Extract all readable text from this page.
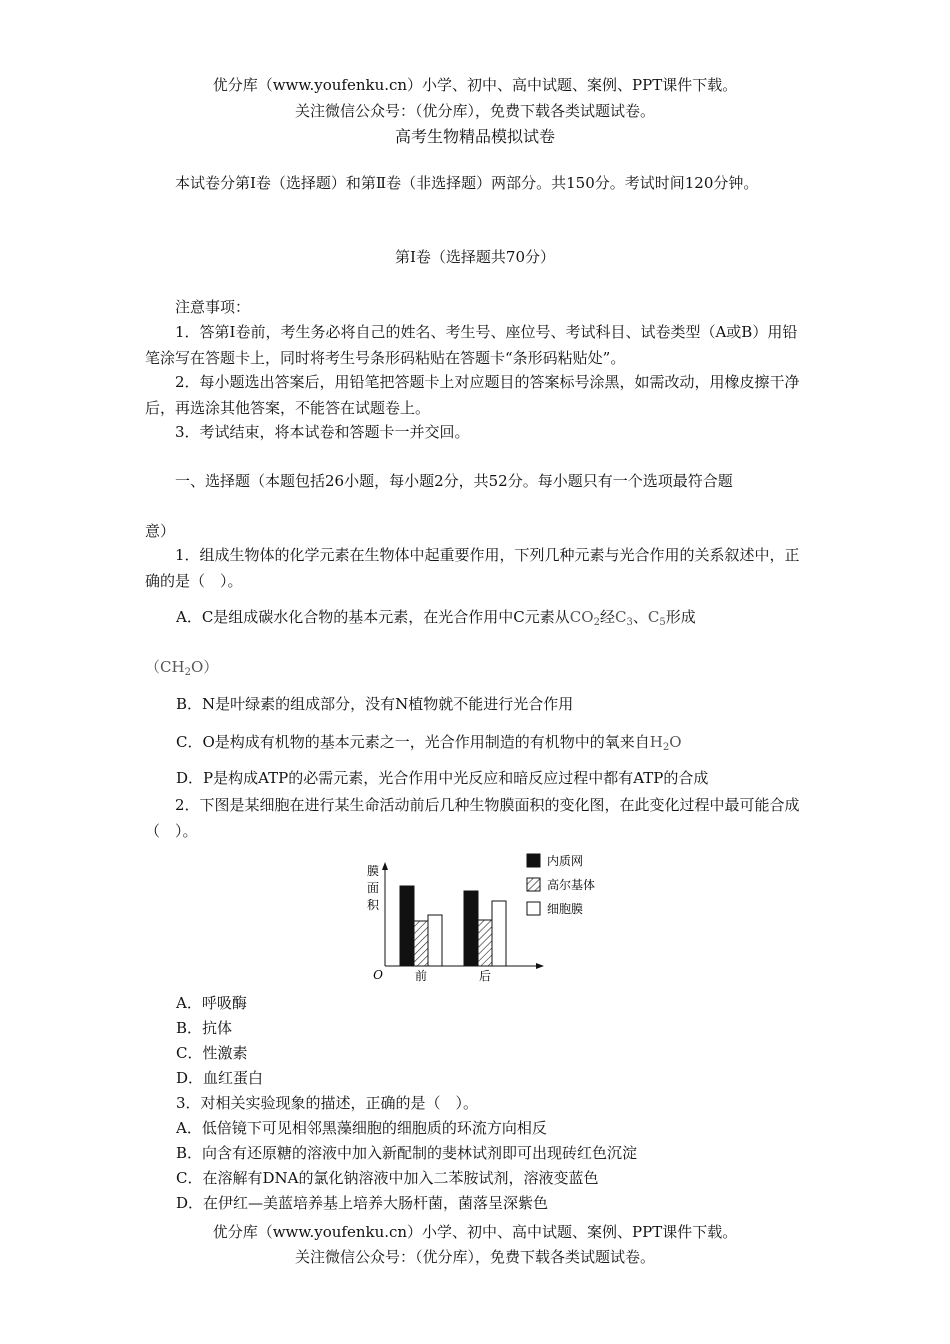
优分库（www.youfenku.cn）小学、初中、高中试题、案例、PPT课件下载。
关注微信公众号：（优分库），免费下载各类试题试卷。
高考生物精品模拟试卷
本试卷分第Ⅰ卷（选择题）和第Ⅱ卷（非选择题）两部分。共150分。考试时间120分钟。
第Ⅰ卷（选择题共70分）
注意事项：
1．答第Ⅰ卷前，考生务必将自己的姓名、考生号、座位号、考试科目、试卷类型（A或B）用铅笔涂写在答题卡上，同时将考生号条形码粘贴在答题卡“条形码粘贴处”。
2．每小题选出答案后，用铅笔把答题卡上对应题目的答案标号涂黑，如需改动，用橡皮擦干净后，再选涂其他答案，不能答在试题卷上。
3．考试结束，将本试卷和答题卡一并交回。
一、选择题（本题包括26小题，每小题2分，共52分。每小题只有一个选项最符合题
意）
1．组成生物体的化学元素在生物体中起重要作用，下列几种元素与光合作用的关系叙述中，正确的是（　）。
A．C是组成碳水化合物的基本元素，在光合作用中C元素从$CO_2$经$C_3$、$C_5$形成
$(CH_2O)$
B．N是叶绿素的组成部分，没有N植物就不能进行光合作用
C．O是构成有机物的基本元素之一，光合作用制造的有机物中的氧来自$H_2O$
D．P是构成ATP的必需元素，光合作用中光反应和暗反应过程中都有ATP的合成
2．下图是某细胞在进行某生命活动前后几种生物膜面积的变化图，在此变化过程中最可能合成（　）。
膜
面
积
O	前	后
内质网
高尔基体
细胞膜
A．呼吸酶
B．抗体
C．性激素
D．血红蛋白
3．对相关实验现象的描述，正确的是（　）。
A．低倍镜下可见相邻黑藻细胞的细胞质的环流方向相反
B．向含有还原糖的溶液中加入新配制的斐林试剂即可出现砖红色沉淀
C．在溶解有DNA的氯化钠溶液中加入二苯胺试剂，溶液变蓝色
D．在伊红—美蓝培养基上培养大肠杆菌，菌落呈深紫色
优分库（www.youfenku.cn）小学、初中、高中试题、案例、PPT课件下载。
关注微信公众号：（优分库），免费下载各类试题试卷。
